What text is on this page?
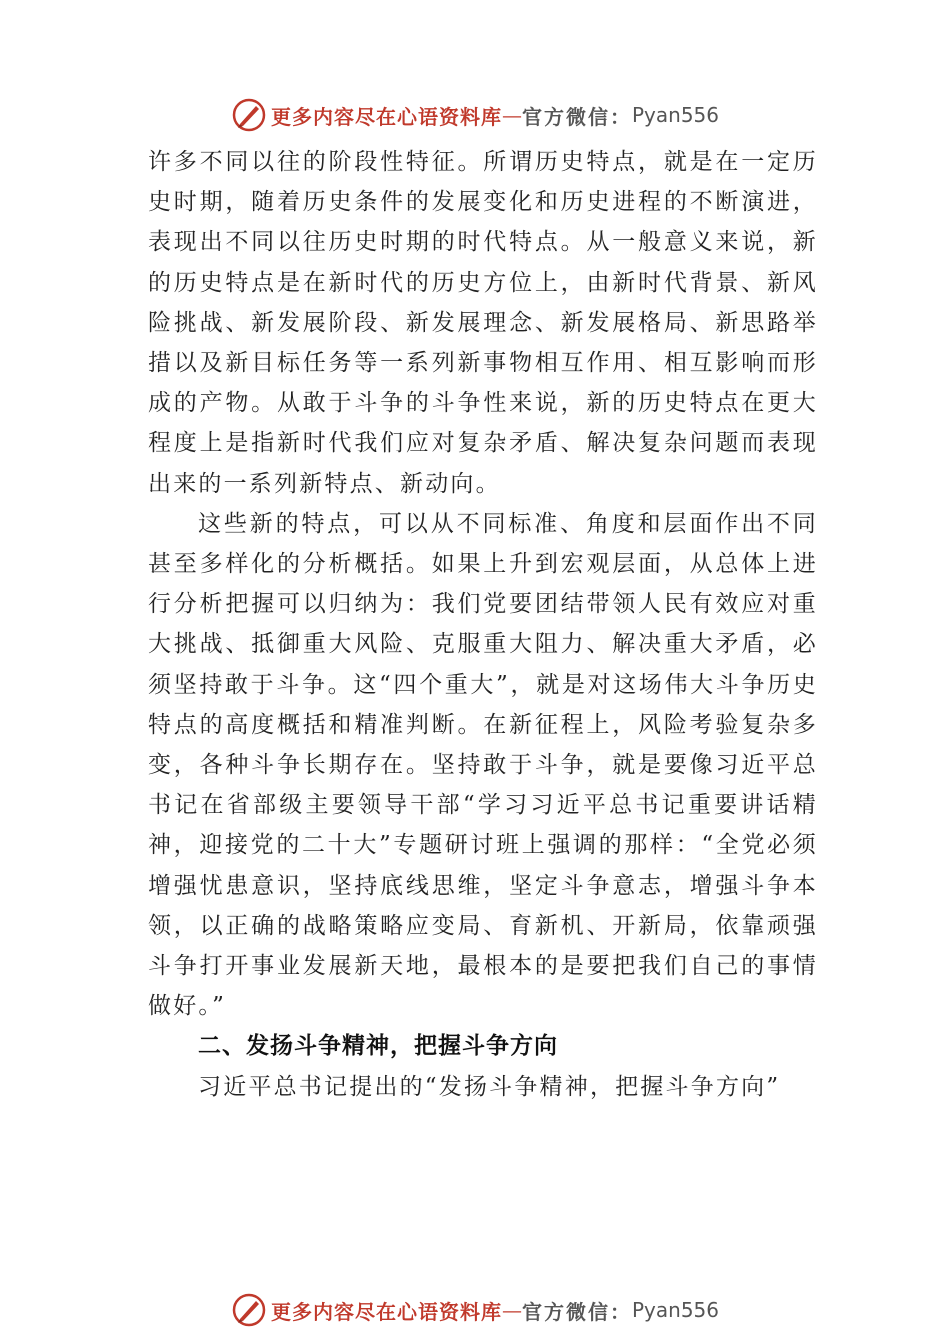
更多内容尽在心语资料库 — 官方微信： Pyan556

许多不同以往的阶段性特征。所谓历史特点，就是在一定历史时期，随着历史条件的发展变化和历史进程的不断演进，表现出不同以往历史时期的时代特点。从一般意义来说，新的历史特点是在新时代的历史方位上，由新时代背景、新风险挑战、新发展阶段、新发展理念、新发展格局、新思路举措以及新目标任务等一系列新事物相互作用、相互影响而形成的产物。从敢于斗争的斗争性来说，新的历史特点在更大程度上是指新时代我们应对复杂矛盾、解决复杂问题而表现出来的一系列新特点、新动向。

这些新的特点，可以从不同标准、角度和层面作出不同甚至多样化的分析概括。如果上升到宏观层面，从总体上进行分析把握可以归纳为：我们党要团结带领人民有效应对重大挑战、抵御重大风险、克服重大阻力、解决重大矛盾，必须坚持敢于斗争。这“四个重大”，就是对这场伟大斗争历史特点的高度概括和精准判断。在新征程上，风险考验复杂多变，各种斗争长期存在。坚持敢于斗争，就是要像习近平总书记在省部级主要领导干部“学习习近平总书记重要讲话精神，迎接党的二十大”专题研讨班上强调的那样：“全党必须增强忧患意识，坚持底线思维，坚定斗争意志，增强斗争本领，以正确的战略策略应变局、育新机、开新局，依靠顽强斗争打开事业发展新天地，最根本的是要把我们自己的事情做好。”

二、发扬斗争精神，把握斗争方向

习近平总书记提出的“发扬斗争精神，把握斗争方向”

更多内容尽在心语资料库 — 官方微信： Pyan556
